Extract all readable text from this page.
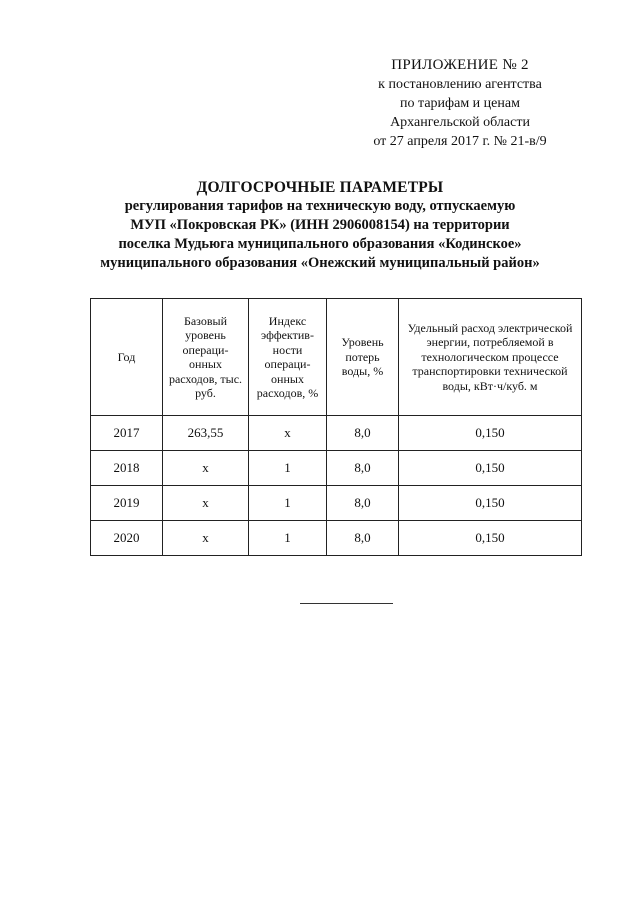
ПРИЛОЖЕНИЕ № 2
к постановлению агентства
по тарифам и ценам
Архангельской области
от 27 апреля 2017 г. № 21-в/9
ДОЛГОСРОЧНЫЕ ПАРАМЕТРЫ
регулирования тарифов на техническую воду, отпускаемую
МУП «Покровская РК» (ИНН 2906008154) на территории
поселка Мудьюга муниципального образования «Кодинское»
муниципального образования «Онежский муниципальный район»
Год	Базовый уровень операци-онных расходов, тыс. руб.	Индекс эффектив-ности операци-онных расходов, %	Уровень потерь воды, %	Удельный расход электрической энергии, потребляемой в технологическом процессе транспортировки технической воды, кВт·ч/куб. м
2017	263,55	х	8,0	0,150
2018	х	1	8,0	0,150
2019	х	1	8,0	0,150
2020	х	1	8,0	0,150
